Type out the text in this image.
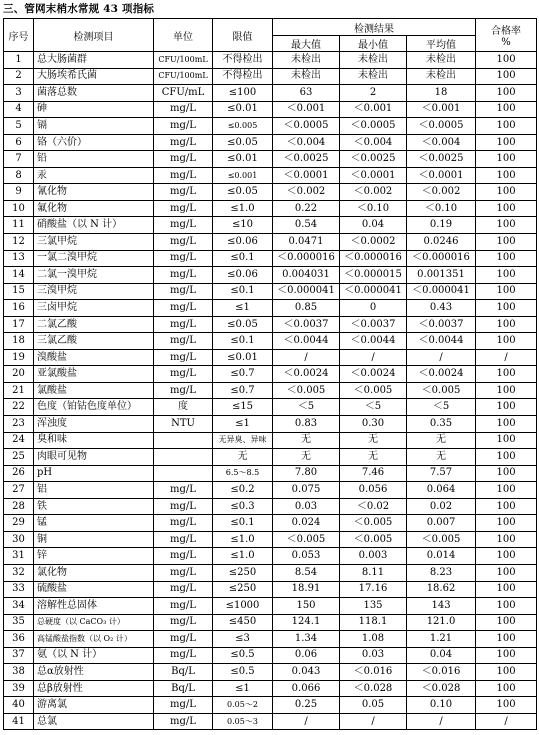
三、管网末梢水常规 43 项指标
序号	检测项目	单位	限值	检测结果			合格率
%

				最大值	最小值	平均值	
1	总大肠菌群	CFU/100mL	不得检出	未检出	未检出	未检出	100
2	大肠埃希氏菌	CFU/100mL	不得检出	未检出	未检出	未检出	100
3	菌落总数	CFU/mL	≤100	63	2	18	100
4	砷	mg/L	≤0.01	＜0.001	＜0.001	＜0.001	100
5	镉	mg/L	≤0.005	＜0.0005	＜0.0005	＜0.0005	100
6	铬（六价）	mg/L	≤0.05	＜0.004	＜0.004	＜0.004	100
7	铅	mg/L	≤0.01	＜0.0025	＜0.0025	＜0.0025	100
8	汞	mg/L	≤0.001	＜0.0001	＜0.0001	＜0.0001	100
9	氰化物	mg/L	≤0.05	＜0.002	＜0.002	＜0.002	100
10	氟化物	mg/L	≤1.0	0.22	＜0.10	＜0.10	100
11	硝酸盐（以 N 计）	mg/L	≤10	0.54	0.04	0.19	100
12	三氯甲烷	mg/L	≤0.06	0.0471	＜0.0002	0.0246	100
13	一氯二溴甲烷	mg/L	≤0.1	＜0.000016	＜0.000016	＜0.000016	100
14	二氯一溴甲烷	mg/L	≤0.06	0.004031	＜0.000015	0.001351	100
15	三溴甲烷	mg/L	≤0.1	＜0.000041	＜0.000041	＜0.000041	100
16	三卤甲烷	mg/L	≤1	0.85	0	0.43	100
17	二氯乙酸	mg/L	≤0.05	＜0.0037	＜0.0037	＜0.0037	100
18	三氯乙酸	mg/L	≤0.1	＜0.0044	＜0.0044	＜0.0044	100
19	溴酸盐	mg/L	≤0.01	/	/	/	/
20	亚氯酸盐	mg/L	≤0.7	＜0.0024	＜0.0024	＜0.0024	100
21	氯酸盐	mg/L	≤0.7	＜0.005	＜0.005	＜0.005	100
22	色度（铂钴色度单位）	度	≤15	＜5	＜5	＜5	100
23	浑浊度	NTU	≤1	0.83	0.30	0.35	100
24	臭和味		无异臭、异味	无	无	无	100
25	肉眼可见物		无	无	无	无	100
26	pH		6.5～8.5	7.80	7.46	7.57	100
27	铝	mg/L	≤0.2	0.075	0.056	0.064	100
28	铁	mg/L	≤0.3	0.03	＜0.02	0.02	100
29	锰	mg/L	≤0.1	0.024	＜0.005	0.007	100
30	铜	mg/L	≤1.0	＜0.005	＜0.005	＜0.005	100
31	锌	mg/L	≤1.0	0.053	0.003	0.014	100
32	氯化物	mg/L	≤250	8.54	8.11	8.23	100
33	硫酸盐	mg/L	≤250	18.91	17.16	18.62	100
34	溶解性总固体	mg/L	≤1000	150	135	143	100
35	总硬度（以 CaCO₃ 计）	mg/L	≤450	124.1	118.1	121.0	100
36	高锰酸盐指数（以 O₂ 计）	mg/L	≤3	1.34	1.08	1.21	100
37	氨（以 N 计）	mg/L	≤0.5	0.06	0.03	0.04	100
38	总α放射性	Bq/L	≤0.5	0.043	＜0.016	＜0.016	100
39	总β放射性	Bq/L	≤1	0.066	＜0.028	＜0.028	100
40	游离氯	mg/L	0.05～2	0.25	0.05	0.10	100
41	总氯	mg/L	0.05～3	/	/	/	/
